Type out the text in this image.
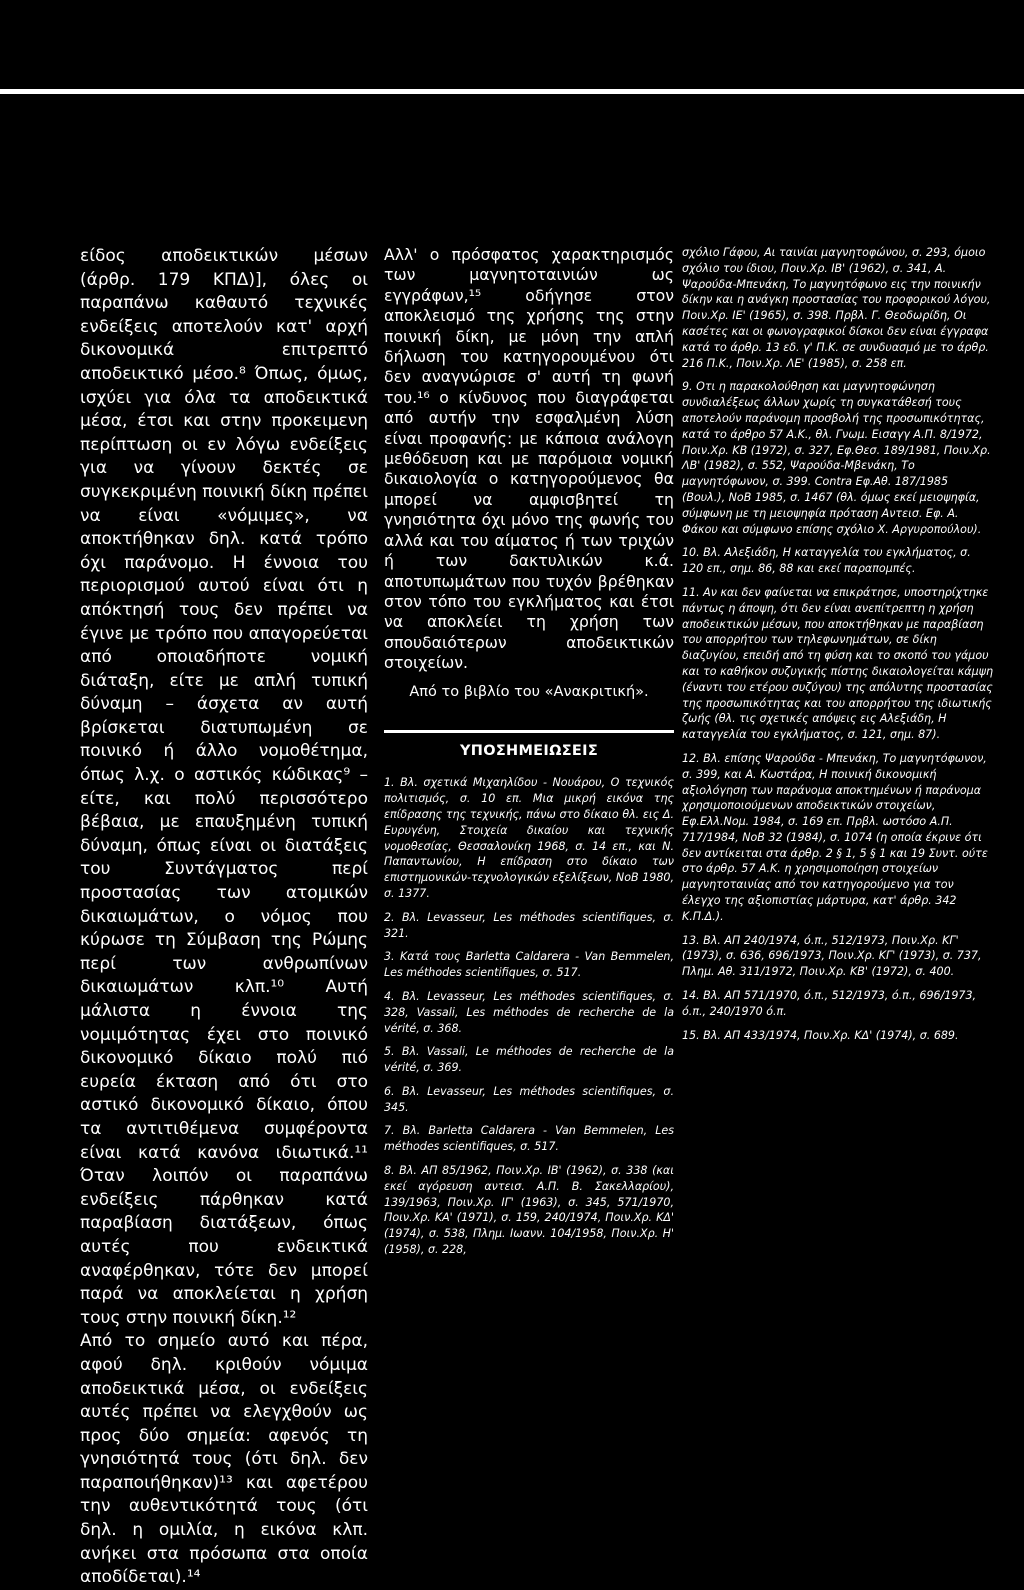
είδος αποδεικτικών μέσων (άρθρ. 179 ΚΠΔ)], όλες οι παραπάνω καθαυτό τεχνικές ενδείξεις αποτελούν κατ' αρχή δικονομικά επιτρεπτό αποδεικτικό μέσο.⁸ Όπως, όμως, ισχύει για όλα τα αποδεικτικά μέσα, έτσι και στην προκειμενη περίπτωση οι εν λόγω ενδείξεις για να γίνουν δεκτές σε συγκεκριμένη ποινική δίκη πρέπει να είναι «νόμιμες», να αποκτήθηκαν δηλ. κατά τρόπο όχι παράνομο. Η έννοια του περιορισμού αυτού είναι ότι η απόκτησή τους δεν πρέπει να έγινε με τρόπο που απαγορεύεται από οποιαδήποτε νομική διάταξη, είτε με απλή τυπική δύναμη – άσχετα αν αυτή βρίσκεται διατυπωμένη σε ποινικό ή άλλο νομοθέτημα, όπως λ.χ. ο αστικός κώδικας⁹ – είτε, και πολύ περισσότερο βέβαια, με επαυξημένη τυπική δύναμη, όπως είναι οι διατάξεις του Συντάγματος περί προστασίας των ατομικών δικαιωμάτων, ο νόμος που κύρωσε τη Σύμβαση της Ρώμης περί των ανθρωπίνων δικαιωμάτων κλπ.¹⁰ Αυτή μάλιστα η έννοια της νομιμότητας έχει στο ποινικό δικονομικό δίκαιο πολύ πιό ευρεία έκταση από ότι στο αστικό δικονομικό δίκαιο, όπου τα αντιτιθέμενα συμφέροντα είναι κατά κανόνα ιδιωτικά.¹¹ Όταν λοιπόν οι παραπάνω ενδείξεις πάρθηκαν κατά παραβίαση διατάξεων, όπως αυτές που ενδεικτικά αναφέρθηκαν, τότε δεν μπορεί παρά να αποκλείεται η χρήση τους στην ποινική δίκη.¹²
Από το σημείο αυτό και πέρα, αφού δηλ. κριθούν νόμιμα αποδεικτικά μέσα, οι ενδείξεις αυτές πρέπει να ελεγχθούν ως προς δύο σημεία: αφενός τη γνησιότητά τους (ότι δηλ. δεν παραποιήθηκαν)¹³ και αφετέρου την αυθεντικότητά τους (ότι δηλ. η ομιλία, η εικόνα κλπ. ανήκει στα πρόσωπα στα οποία αποδίδεται).¹⁴

Αλλ' ο πρόσφατος χαρακτηρισμός των μαγνητοταινιών ως εγγράφων,¹⁵ οδήγησε στον αποκλεισμό της χρήσης της στην ποινική δίκη, με μόνη την απλή δήλωση του κατηγορουμένου ότι δεν αναγνώρισε σ' αυτή τη φωνή του.¹⁶ ο κίνδυνος που διαγράφεται από αυτήν την εσφαλμένη λύση είναι προφανής: με κάποια ανάλογη μεθόδευση και με παρόμοια νομική δικαιολογία ο κατηγορούμενος θα μπορεί να αμφισβητεί τη γνησιότητα όχι μόνο της φωνής του αλλά και του αίματος ή των τριχών ή των δακτυλικών κ.ά. αποτυπωμάτων που τυχόν βρέθηκαν στον τόπο του εγκλήματος και έτσι να αποκλείει τη χρήση των σπουδαιότερων αποδεικτικών στοιχείων.

Από το βιβλίο του «Ανακριτική».
ΥΠΟΣΗΜΕΙΩΣΕΙΣ

1. Βλ. σχετικά Μιχαηλίδου - Νουάρου, Ο τεχνικός πολιτισμός, σ. 10 επ. Μια μικρή εικόνα της επίδρασης της τεχνικής, πάνω στο δίκαιο θλ. εις Δ. Ευρυγένη, Στοιχεία δικαίου και τεχνικής νομοθεσίας, Θεσσαλονίκη 1968, σ. 14 επ., και Ν. Παπαντωνίου, Η επίδραση στο δίκαιο των επιστημονικών-τεχνολογικών εξελίξεων, ΝοΒ 1980, σ. 1377.

2. Βλ. Levasseur, Les méthodes scientifiques, σ. 321.

3. Κατά τους Barletta Caldarera - Van Bemmelen, Les méthodes scientifiques, σ. 517.

4. Βλ. Levasseur, Les méthodes scientifiques, σ. 328, Vassali, Les méthodes de recherche de la vérité, σ. 368.

5. Βλ. Vassali, Le méthodes de recherche de la vérité, σ. 369.

6. Βλ. Levasseur, Les méthodes scientifiques, σ. 345.

7. Βλ. Barletta Caldarera - Van Bemmelen, Les méthodes scientifiques, σ. 517.

8. Βλ. ΑΠ 85/1962, Ποιν.Χρ. ΙΒ' (1962), σ. 338 (και εκεί αγόρευση αντεισ. Α.Π. Β. Σακελλαρίου), 139/1963, Ποιν.Χρ. ΙΓ' (1963), σ. 345, 571/1970, Ποιν.Χρ. ΚΑ' (1971), σ. 159, 240/1974, Ποιν.Χρ. ΚΔ' (1974), σ. 538, Πλημ. Ιωανν. 104/1958, Ποιν.Χρ. Η' (1958), σ. 228,

σχόλιο Γάφου, Αι ταινίαι μαγνητοφώνου, σ. 293, όμοιο σχόλιο του ίδιου, Ποιν.Χρ. ΙΒ' (1962), σ. 341, Α. Ψαρούδα-Μπενάκη, Το μαγνητόφωνο εις την ποινικήν δίκην και η ανάγκη προστασίας του προφορικού λόγου, Ποιν.Χρ. ΙΕ' (1965), σ. 398. Πρβλ. Γ. Θεοδωρίδη, Οι κασέτες και οι φωνογραφικοί δίσκοι δεν είναι έγγραφα κατά το άρθρ. 13 εδ. γ' Π.Κ. σε συνδυασμό με το άρθρ. 216 Π.Κ., Ποιν.Χρ. ΛΕ' (1985), σ. 258 επ.

9. Οτι η παρακολούθηση και μαγνητοφώνηση συνδιαλέξεως άλλων χωρίς τη συγκατάθεσή τους αποτελούν παράνομη προσβολή της προσωπικότητας, κατά το άρθρο 57 Α.Κ., θλ. Γνωμ. Εισαγγ Α.Π. 8/1972, Ποιν.Χρ. ΚΒ (1972), σ. 327, Εφ.Θεσ. 189/1981, Ποιν.Χρ. ΛΒ' (1982), σ. 552, Ψαρούδα-Μβενάκη, Το μαγνητόφωνον, σ. 399. Contra Εφ.Αθ. 187/1985 (Βουλ.), ΝοΒ 1985, σ. 1467 (θλ. όμως εκεί μειοψηφία, σύμφωνη με τη μειοψηφία πρόταση Αντεισ. Εφ. Α. Φάκου και σύμφωνο επίσης σχόλιο Χ. Αργυροπούλου).

10. Βλ. Αλεξιάδη, Η καταγγελία του εγκλήματος, σ. 120 επ., σημ. 86, 88 και εκεί παραπομπές.

11. Αν και δεν φαίνεται να επικράτησε, υποστηρίχτηκε πάντως η άποψη, ότι δεν είναι ανεπίτρεπτη η χρήση αποδεικτικών μέσων, που αποκτήθηκαν με παραβίαση του απορρήτου των τηλεφωνημάτων, σε δίκη διαζυγίου, επειδή από τη φύση και το σκοπό του γάμου και το καθήκον συζυγικής πίστης δικαιολογείται κάμψη (έναντι του ετέρου συζύγου) της απόλυτης προστασίας της προσωπικότητας και του απορρήτου της ιδιωτικής ζωής (θλ. τις σχετικές απόψεις εις Αλεξιάδη, Η καταγγελία του εγκλήματος, σ. 121, σημ. 87).

12. Βλ. επίσης Ψαρούδα - Μπενάκη, Το μαγνητόφωνον, σ. 399, και Α. Κωστάρα, Η ποινική δικονομική αξιολόγηση των παράνομα αποκτημένων ή παράνομα χρησιμοποιούμενων αποδεικτικών στοιχείων, Εφ.Ελλ.Νομ. 1984, σ. 169 επ. Πρβλ. ωστόσο Α.Π. 717/1984, ΝοΒ 32 (1984), σ. 1074 (η οποία έκρινε ότι δεν αντίκειται στα άρθρ. 2 § 1, 5 § 1 και 19 Συντ. ούτε στο άρθρ. 57 Α.Κ. η χρησιμοποίηση στοιχείων μαγνητοταινίας από τον κατηγορούμενο για τον έλεγχο της αξιοπιστίας μάρτυρα, κατ' άρθρ. 342 Κ.Π.Δ.).

13. Βλ. ΑΠ 240/1974, ό.π., 512/1973, Ποιν.Χρ. ΚΓ' (1973), σ. 636, 696/1973, Ποιν.Χρ. ΚΓ' (1973), σ. 737, Πλημ. Αθ. 311/1972, Ποιν.Χρ. ΚΒ' (1972), σ. 400.

14. Βλ. ΑΠ 571/1970, ό.π., 512/1973, ό.π., 696/1973, ό.π., 240/1970 ό.π.

15. Βλ. ΑΠ 433/1974, Ποιν.Χρ. ΚΔ' (1974), σ. 689.
